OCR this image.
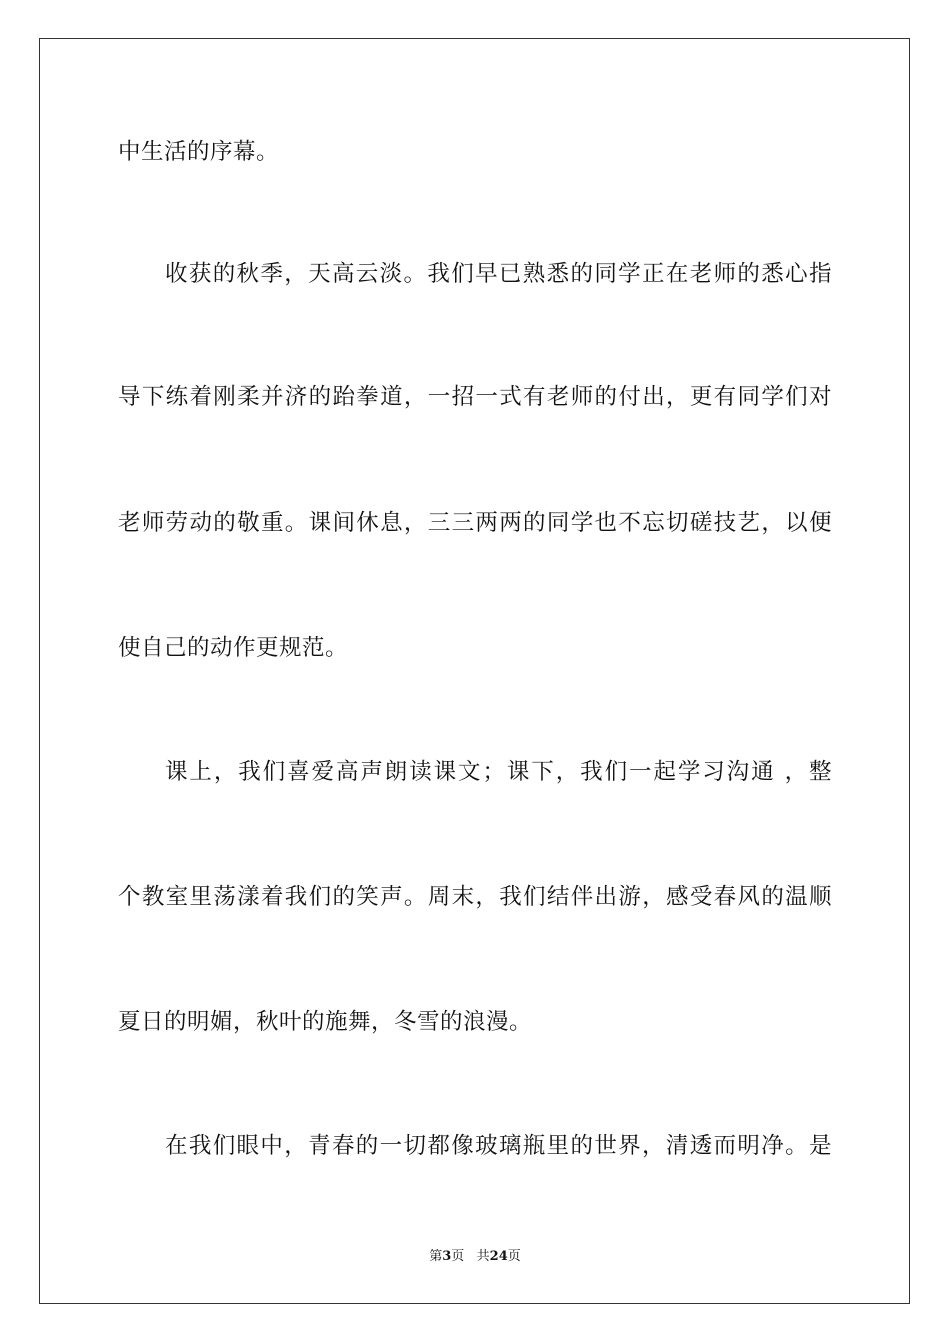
中生活的序幕。
收获的秋季，天高云淡。我们早已熟悉的同学正在老师的悉心指
导下练着刚柔并济的跆拳道，一招一式有老师的付出，更有同学们对
老师劳动的敬重。课间休息，三三两两的同学也不忘切磋技艺，以便
使自己的动作更规范。
课上，我们喜爱高声朗读课文；课下，我们一起学习沟通 ，整
个教室里荡漾着我们的笑声。周末，我们结伴出游，感受春风的温顺
夏日的明媚，秋叶的施舞，冬雪的浪漫。
在我们眼中，青春的一切都像玻璃瓶里的世界，清透而明净。是
第3页   共24页
